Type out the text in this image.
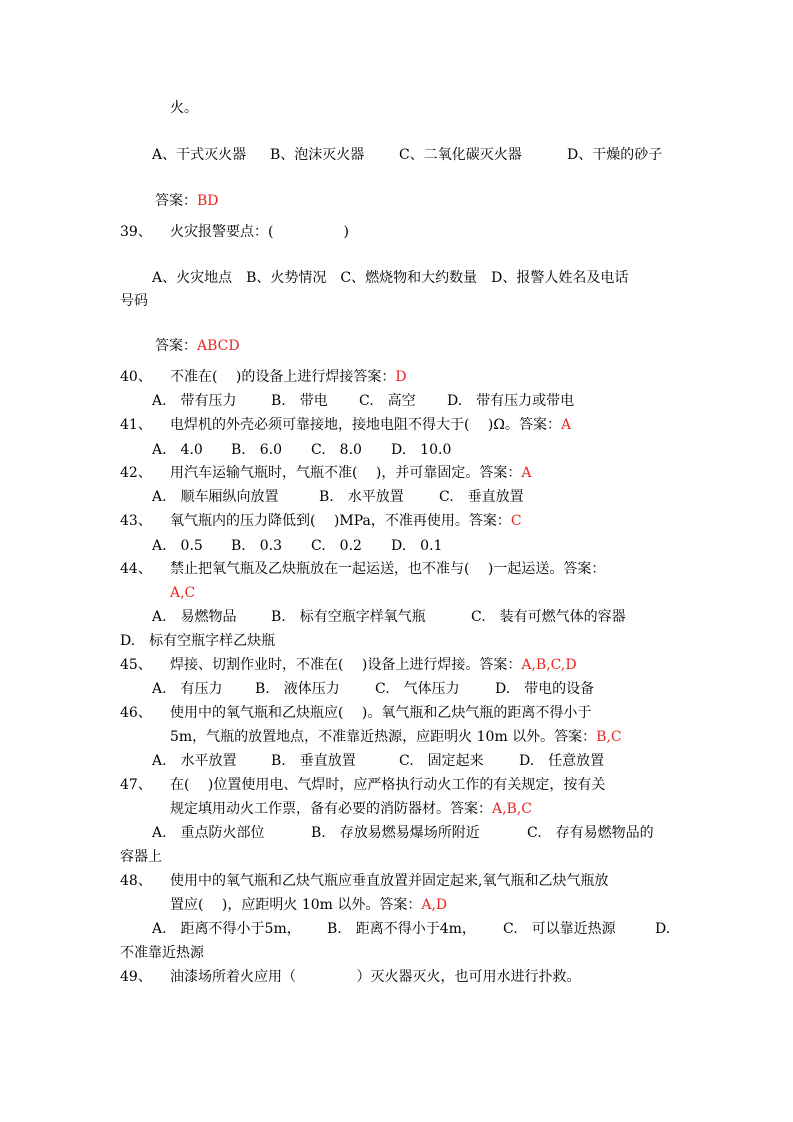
火。
A、干式灭火器 B、泡沫灭火器 C、二氧化碳灭火器	D、干燥的砂子
答案：BD
39、 火灾报警要点：(　　　　　)
A、火灾地点　B、火势情况　C、燃烧物和大约数量　D、报警人姓名及电话
号码
答案：ABCD
40、 不准在(　 )的设备上进行焊接答案：D
A.　带有压力 B.　带电 C.　高空 D.　带有压力或带电
41、 电焊机的外壳必须可靠接地，接地电阻不得大于(　 )Ω。答案：A
A.　4.0 B.　6.0 C.　8.0 D.　10.0
42、 用汽车运输气瓶时，气瓶不准(　 )，并可靠固定。答案：A
A.　顺车厢纵向放置	B.　水平放置	C.　垂直放置
43、 氧气瓶内的压力降低到(　 )MPa，不准再使用。答案：C
A.　0.5 B.　0.3 C.　0.2 D.　0.1
44、 禁止把氧气瓶及乙炔瓶放在一起运送，也不准与(　 )一起运送。答案：
A,C
A.　易燃物品 B.　标有空瓶字样氧气瓶	C.　装有可燃气体的容器
D.　标有空瓶字样乙炔瓶
45、 焊接、切割作业时，不准在(　 )设备上进行焊接。答案：A,B,C,D
A.　有压力 B.　液体压力	C.　气体压力	D.　带电的设备
46、 使用中的氧气瓶和乙炔瓶应(　 )。氧气瓶和乙炔气瓶的距离不得小于
5m，气瓶的放置地点，不准靠近热源，应距明火 10m 以外。答案：B,C
A.　水平放置 B.　垂直放置	C.　固定起来	D.　任意放置
47、 在(　 )位置使用电、气焊时，应严格执行动火工作的有关规定，按有关
规定填用动火工作票，备有必要的消防器材。答案：A,B,C
A.　重点防火部位	B.　存放易燃易爆场所附近	C.　存有易燃物品的
容器上
48、 使用中的氧气瓶和乙炔气瓶应垂直放置并固定起来,氧气瓶和乙炔气瓶放
置应(　 )，应距明火 10m 以外。答案：A,D
A.　距离不得小于5m， B.　距离不得小于4m， C.　可以靠近热源	D.
不准靠近热源
49、 油漆场所着火应用（　　　　 ）灭火器灭火，也可用水进行扑救。
